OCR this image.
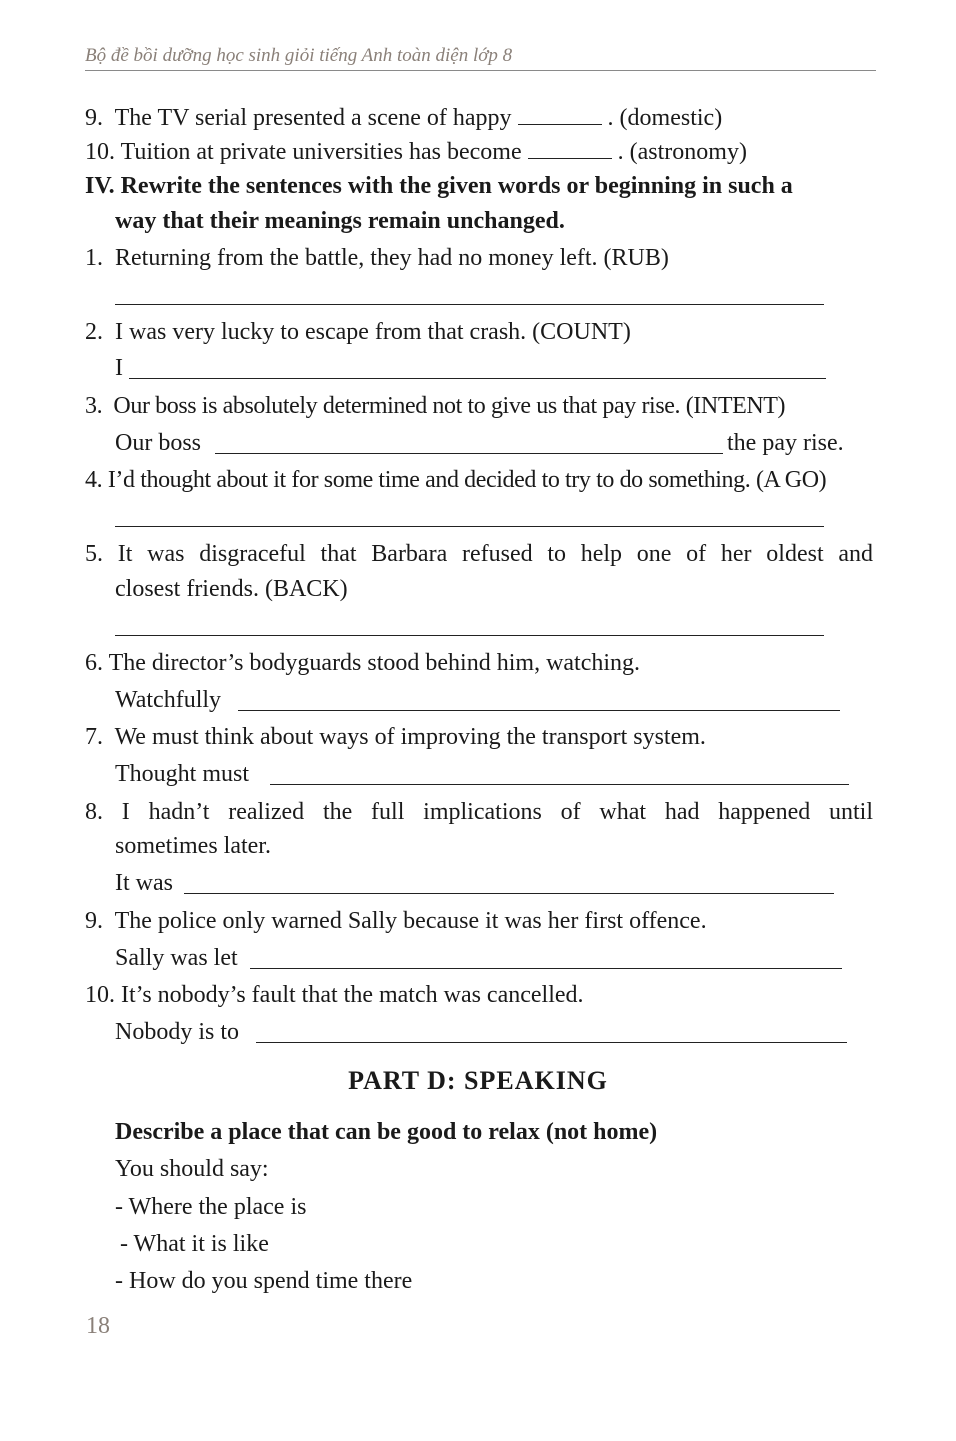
Bộ đề bồi dưỡng học sinh giỏi tiếng Anh toàn diện lớp 8
9. The TV serial presented a scene of happy	. (domestic)
10. Tuition at private universities has become	. (astronomy)
IV. Rewrite the sentences with the given words or beginning in such a
way that their meanings remain unchanged.
1. Returning from the battle, they had no money left. (RUB)
2. I was very lucky to escape from that crash. (COUNT)
I
3. Our boss is absolutely determined not to give us that pay rise. (INTENT)
Our boss	the pay rise.
4. I’d thought about it for some time and decided to try to do something. (A GO)
5. It was disgraceful that Barbara refused to help one of her oldest and
closest friends. (BACK)
6. The director’s bodyguards stood behind him, watching.
Watchfully
7. We must think about ways of improving the transport system.
Thought must
8. I hadn’t realized the full implications of what had happened until
sometimes later.
It was
9. The police only warned Sally because it was her first offence.
Sally was let
10. It’s nobody’s fault that the match was cancelled.
Nobody is to
PART D: SPEAKING
Describe a place that can be good to relax (not home)
You should say:
- Where the place is
- What it is like
- How do you spend time there
18
